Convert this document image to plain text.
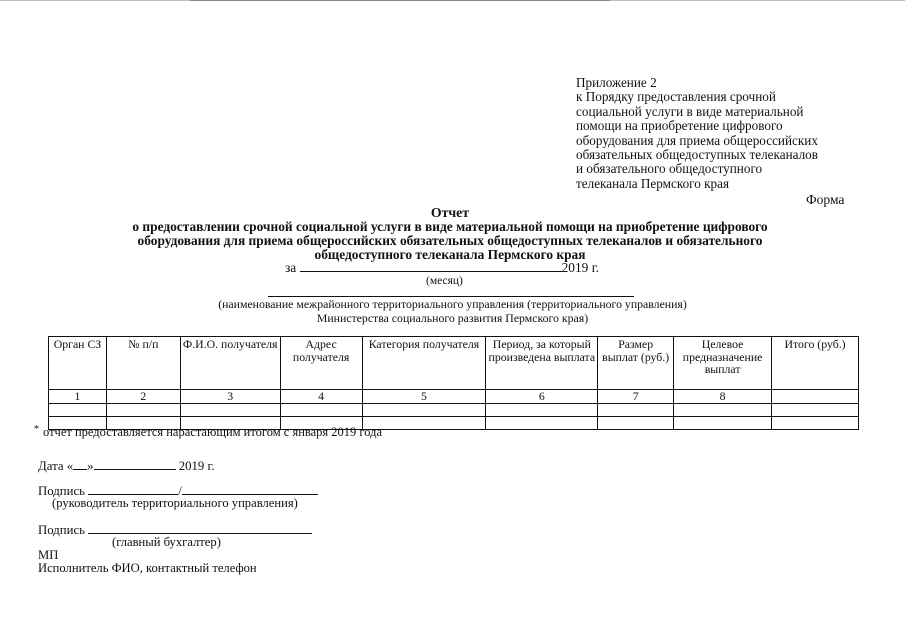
Приложение 2
к Порядку предоставления срочной
социальной услуги в виде материальной
помощи на приобретение цифрового
оборудования для приема общероссийских
обязательных общедоступных телеканалов
и обязательного общедоступного
телеканала Пермского края
Форма
Отчет
о предоставлении срочной социальной услуги в виде материальной помощи на приобретение цифрового
оборудования для приема общероссийских обязательных общедоступных телеканалов и обязательного
общедоступного телеканала Пермского края
за	2019 г.
(месяц)
(наименование межрайонного территориального управления (территориального управления)
Министерства социального развития Пермского края)
Орган СЗ	№ п/п	Ф.И.О. получателя	Адрес получателя	Категория получателя	Период, за который произведена выплата	Размер выплат (руб.)	Целевое предназначение выплат	Итого (руб.)
1	2	3	4	5	6	7	8	

* отчет предоставляется нарастающим итогом с января 2019 года
Дата « »	2019 г.
Подпись	/
(руководитель территориального управления)
Подпись
(главный бухгалтер)
МП
Исполнитель ФИО, контактный телефон
